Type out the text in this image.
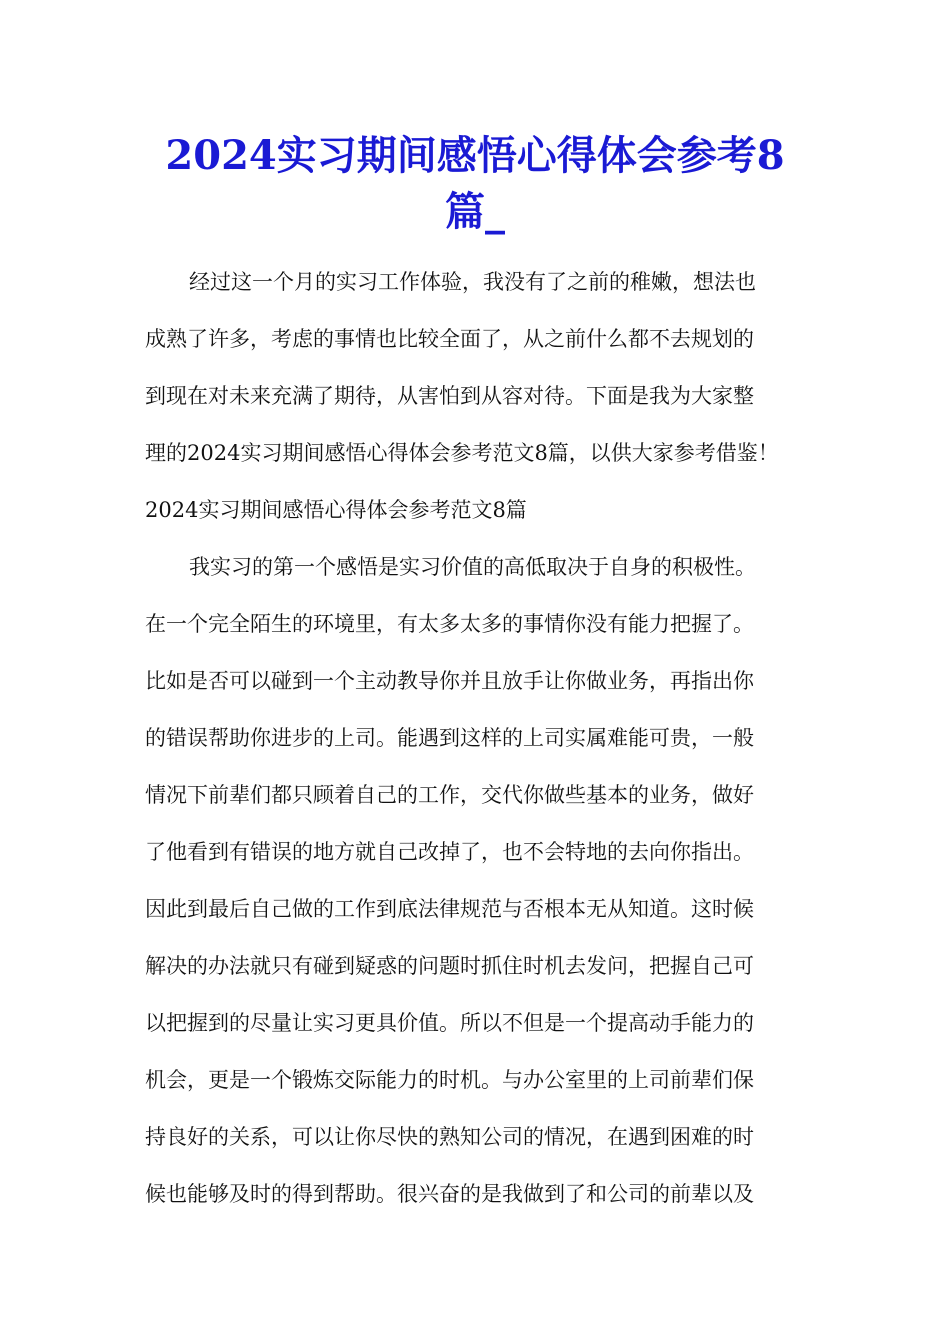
2024实习期间感悟心得体会参考8
篇_
经过这一个月的实习工作体验，我没有了之前的稚嫩，想法也
成熟了许多，考虑的事情也比较全面了，从之前什么都不去规划的
到现在对未来充满了期待，从害怕到从容对待。下面是我为大家整
理的2024实习期间感悟心得体会参考范文8篇，以供大家参考借鉴！
2024实习期间感悟心得体会参考范文8篇
我实习的第一个感悟是实习价值的高低取决于自身的积极性。
在一个完全陌生的环境里，有太多太多的事情你没有能力把握了。
比如是否可以碰到一个主动教导你并且放手让你做业务，再指出你
的错误帮助你进步的上司。能遇到这样的上司实属难能可贵，一般
情况下前辈们都只顾着自己的工作，交代你做些基本的业务，做好
了他看到有错误的地方就自己改掉了，也不会特地的去向你指出。
因此到最后自己做的工作到底法律规范与否根本无从知道。这时候
解决的办法就只有碰到疑惑的问题时抓住时机去发问，把握自己可
以把握到的尽量让实习更具价值。所以不但是一个提高动手能力的
机会，更是一个锻炼交际能力的时机。与办公室里的上司前辈们保
持良好的关系，可以让你尽快的熟知公司的情况，在遇到困难的时
候也能够及时的得到帮助。很兴奋的是我做到了和公司的前辈以及
